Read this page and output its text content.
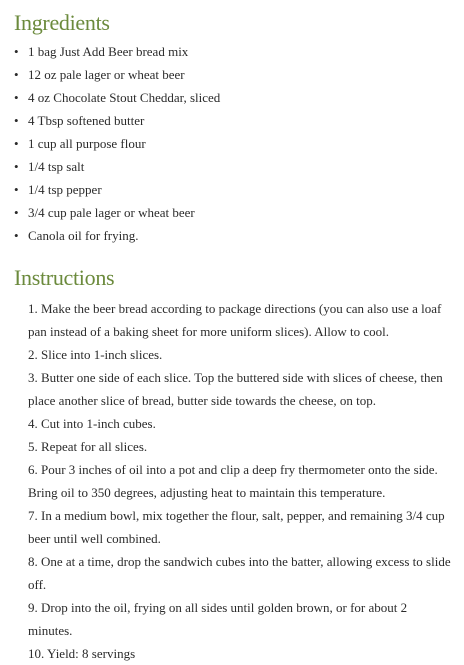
Ingredients
• 1 bag Just Add Beer bread mix
• 12 oz pale lager or wheat beer
• 4 oz Chocolate Stout Cheddar, sliced
• 4 Tbsp softened butter
• 1 cup all purpose flour
• 1/4 tsp salt
• 1/4 tsp pepper
• 3/4 cup pale lager or wheat beer
• Canola oil for frying.
Instructions
1. Make the beer bread according to package directions (you can also use a loaf pan instead of a baking sheet for more uniform slices). Allow to cool.
2. Slice into 1-inch slices.
3. Butter one side of each slice. Top the buttered side with slices of cheese, then place another slice of bread, butter side towards the cheese, on top.
4. Cut into 1-inch cubes.
5. Repeat for all slices.
6. Pour 3 inches of oil into a pot and clip a deep fry thermometer onto the side. Bring oil to 350 degrees, adjusting heat to maintain this temperature.
7. In a medium bowl, mix together the flour, salt, pepper, and remaining 3/4 cup beer until well combined.
8. One at a time, drop the sandwich cubes into the batter, allowing excess to slide off.
9. Drop into the oil, frying on all sides until golden brown, or for about 2 minutes.
10. Yield: 8 servings
